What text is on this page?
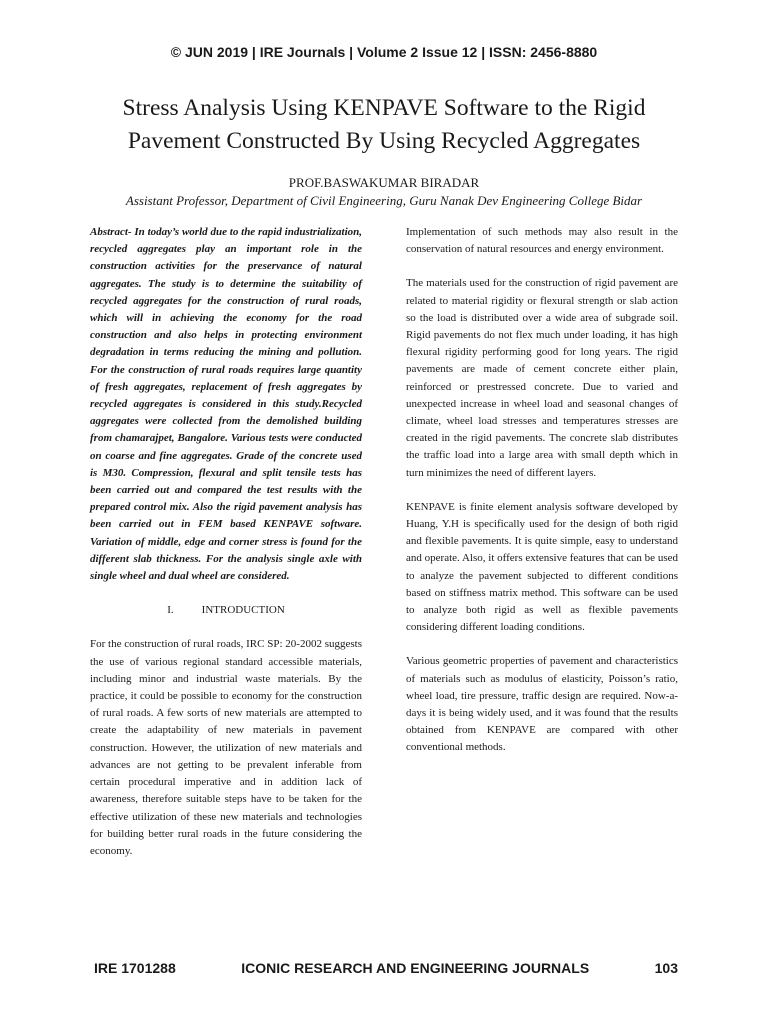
© JUN 2019 | IRE Journals | Volume 2 Issue 12 | ISSN: 2456-8880
Stress Analysis Using KENPAVE Software to the Rigid
Pavement Constructed By Using Recycled Aggregates
PROF.BASWAKUMAR BIRADAR
Assistant Professor, Department of Civil Engineering, Guru Nanak Dev Engineering College Bidar

Abstract- In today’s world due to the rapid industrialization, recycled aggregates play an important role in the construction activities for the preservance of natural aggregates. The study is to determine the suitability of recycled aggregates for the construction of rural roads, which will in achieving the economy for the road construction and also helps in protecting environment degradation in terms reducing the mining and pollution. For the construction of rural roads requires large quantity of fresh aggregates, replacement of fresh aggregates by recycled aggregates is considered in this study.Recycled aggregates were collected from the demolished building from chamarajpet, Bangalore. Various tests were conducted on coarse and fine aggregates. Grade of the concrete used is M30. Compression, flexural and split tensile tests has been carried out and compared the test results with the prepared control mix. Also the rigid pavement analysis has been carried out in FEM based KENPAVE software. Variation of middle, edge and corner stress is found for the different slab thickness. For the analysis single axle with single wheel and dual wheel are considered.

I.	INTRODUCTION

For the construction of rural roads, IRC SP: 20-2002 suggests the use of various regional standard accessible materials, including minor and industrial waste materials. By the practice, it could be possible to economy for the construction of rural roads. A few sorts of new materials are attempted to create the adaptability of new materials in pavement construction. However, the utilization of new materials and advances are not getting to be prevalent inferable from certain procedural imperative and in addition lack of awareness, therefore suitable steps have to be taken for the effective utilization of these new materials and technologies for building better rural roads in the future considering the economy.

Implementation of such methods may also result in the conservation of natural resources and energy environment.

The materials used for the construction of rigid pavement are related to material rigidity or flexural strength or slab action so the load is distributed over a wide area of subgrade soil. Rigid pavements do not flex much under loading, it has high flexural rigidity performing good for long years. The rigid pavements are made of cement concrete either plain, reinforced or prestressed concrete. Due to varied and unexpected increase in wheel load and seasonal changes of climate, wheel load stresses and temperatures stresses are created in the rigid pavements. The concrete slab distributes the traffic load into a large area with small depth which in turn minimizes the need of different layers.

KENPAVE is finite element analysis software developed by Huang, Y.H is specifically used for the design of both rigid and flexible pavements. It is quite simple, easy to understand and operate. Also, it offers extensive features that can be used to analyze the pavement subjected to different conditions based on stiffness matrix method. This software can be used to analyze both rigid as well as flexible pavements considering different loading conditions.

Various geometric properties of pavement and characteristics of materials such as modulus of elasticity, Poisson’s ratio, wheel load, tire pressure, traffic design are required. Now-a-days it is being widely used, and it was found that the results obtained from KENPAVE are compared with other conventional methods.

IRE 1701288	ICONIC RESEARCH AND ENGINEERING JOURNALS	103
